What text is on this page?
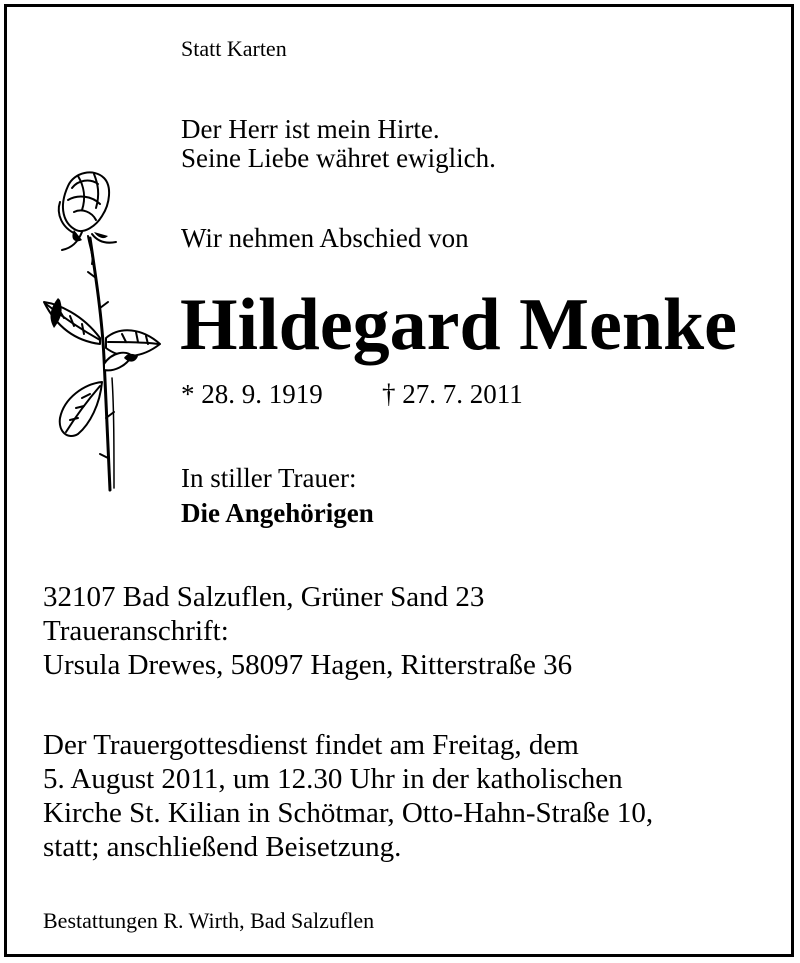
Statt Karten
Der Herr ist mein Hirte.
Seine Liebe währet ewiglich.
Wir nehmen Abschied von
Hildegard Menke
* 28. 9. 1919 † 27. 7. 2011
In stiller Trauer:
Die Angehörigen
32107 Bad Salzuflen, Grüner Sand 23
Traueranschrift:
Ursula Drewes, 58097 Hagen, Ritterstraße 36
Der Trauergottesdienst findet am Freitag, dem
5. August 2011, um 12.30 Uhr in der katholischen
Kirche St. Kilian in Schötmar, Otto-Hahn-Straße 10,
statt; anschließend Beisetzung.
Bestattungen R. Wirth, Bad Salzuflen
